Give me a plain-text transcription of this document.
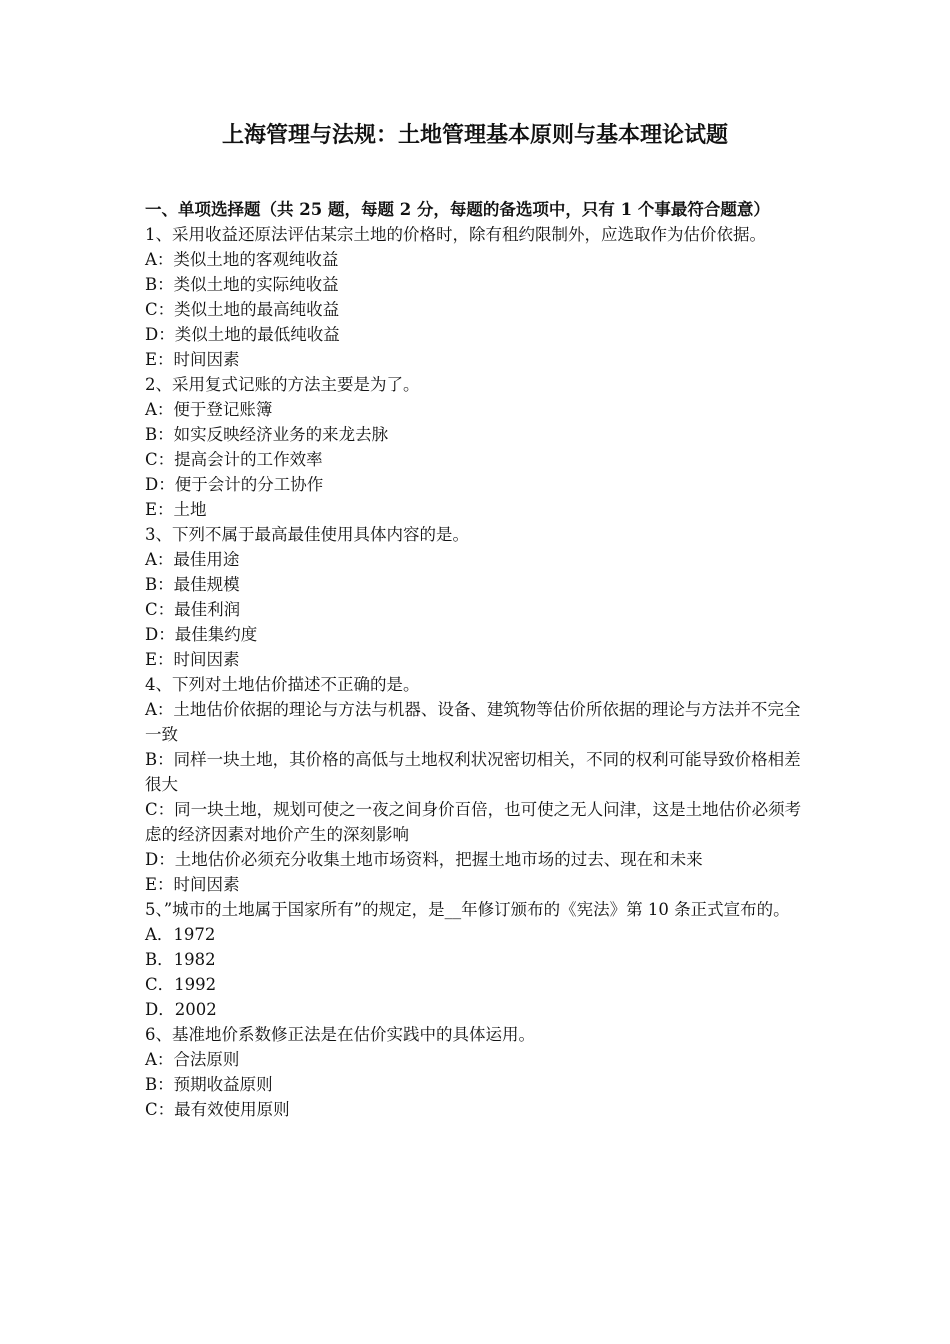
上海管理与法规：土地管理基本原则与基本理论试题

一、单项选择题（共 25 题，每题 2 分，每题的备选项中，只有 1 个事最符合题意）

1、采用收益还原法评估某宗土地的价格时，除有租约限制外，应选取作为估价依据。

A：类似土地的客观纯收益
B：类似土地的实际纯收益
C：类似土地的最高纯收益
D：类似土地的最低纯收益
E：时间因素

2、采用复式记账的方法主要是为了。

A：便于登记账簿
B：如实反映经济业务的来龙去脉
C：提高会计的工作效率
D：便于会计的分工协作
E：土地

3、下列不属于最高最佳使用具体内容的是。

A：最佳用途
B：最佳规模
C：最佳利润
D：最佳集约度
E：时间因素

4、下列对土地估价描述不正确的是。

A：土地估价依据的理论与方法与机器、设备、建筑物等估价所依据的理论与方法并不完全一致
B：同样一块土地，其价格的高低与土地权利状况密切相关，不同的权利可能导致价格相差很大
C：同一块土地，规划可使之一夜之间身价百倍，也可使之无人问津，这是土地估价必须考虑的经济因素对地价产生的深刻影响
D：土地估价必须充分收集土地市场资料，把握土地市场的过去、现在和未来
E：时间因素

5、”城市的土地属于国家所有”的规定，是__年修订颁布的《宪法》第 10 条正式宣布的。

A．1972
B．1982
C．1992
D．2002

6、基准地价系数修正法是在估价实践中的具体运用。

A：合法原则
B：预期收益原则
C：最有效使用原则
